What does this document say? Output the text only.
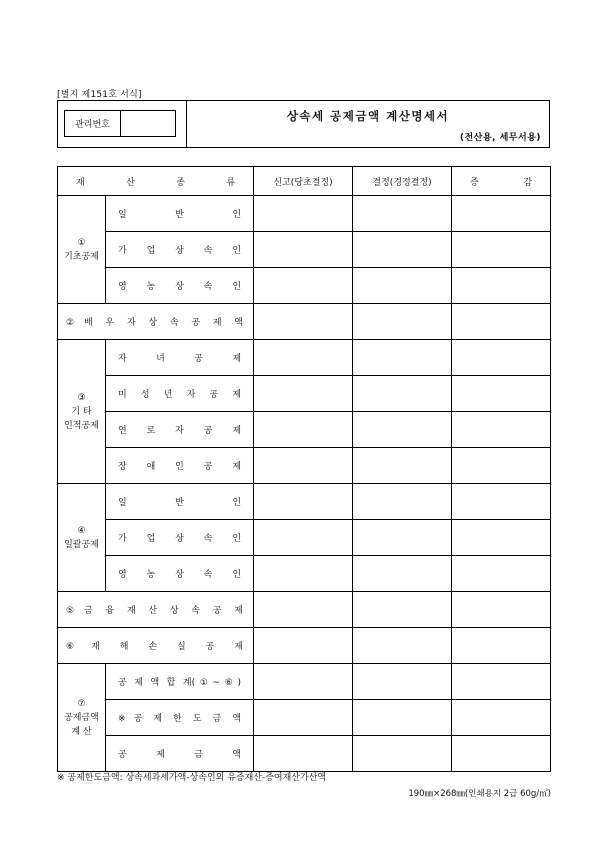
[별지 제151호 서식]
관리번호
상속세 공제금액 계산명세서
(전산용, 세무서용)
재 산 종 류		신고(당초결정)	결정(경정결정)	증 감

①
기초공제	일 반 인			
	가 업 상 속 인			
	영 농 상 속 인			
②배 우 자 상 속 공 제 액				

③
기 타
인적공제	자 녀 공 제			
	미 성 년 자 공 제			
	연 로 자 공 제			
	장 애 인 공 제			

④
일괄공제	일 반 인			
	가 업 상 속 인			
	영 농 상 속 인			
⑤금 융 재 산 상 속 공 제				
⑥재 해 손 실 공 제				

⑦
공제금액
계 산	공 제 액 합 계(①~⑥)			
	※공 제 한 도 금 액			
	공 제 금 액			
※ 공제한도금액: 상속세과세가액-상속인외 유증재산-증여재산가산액
190㎜×268㎜(인쇄용지 2급 60g/㎡)
